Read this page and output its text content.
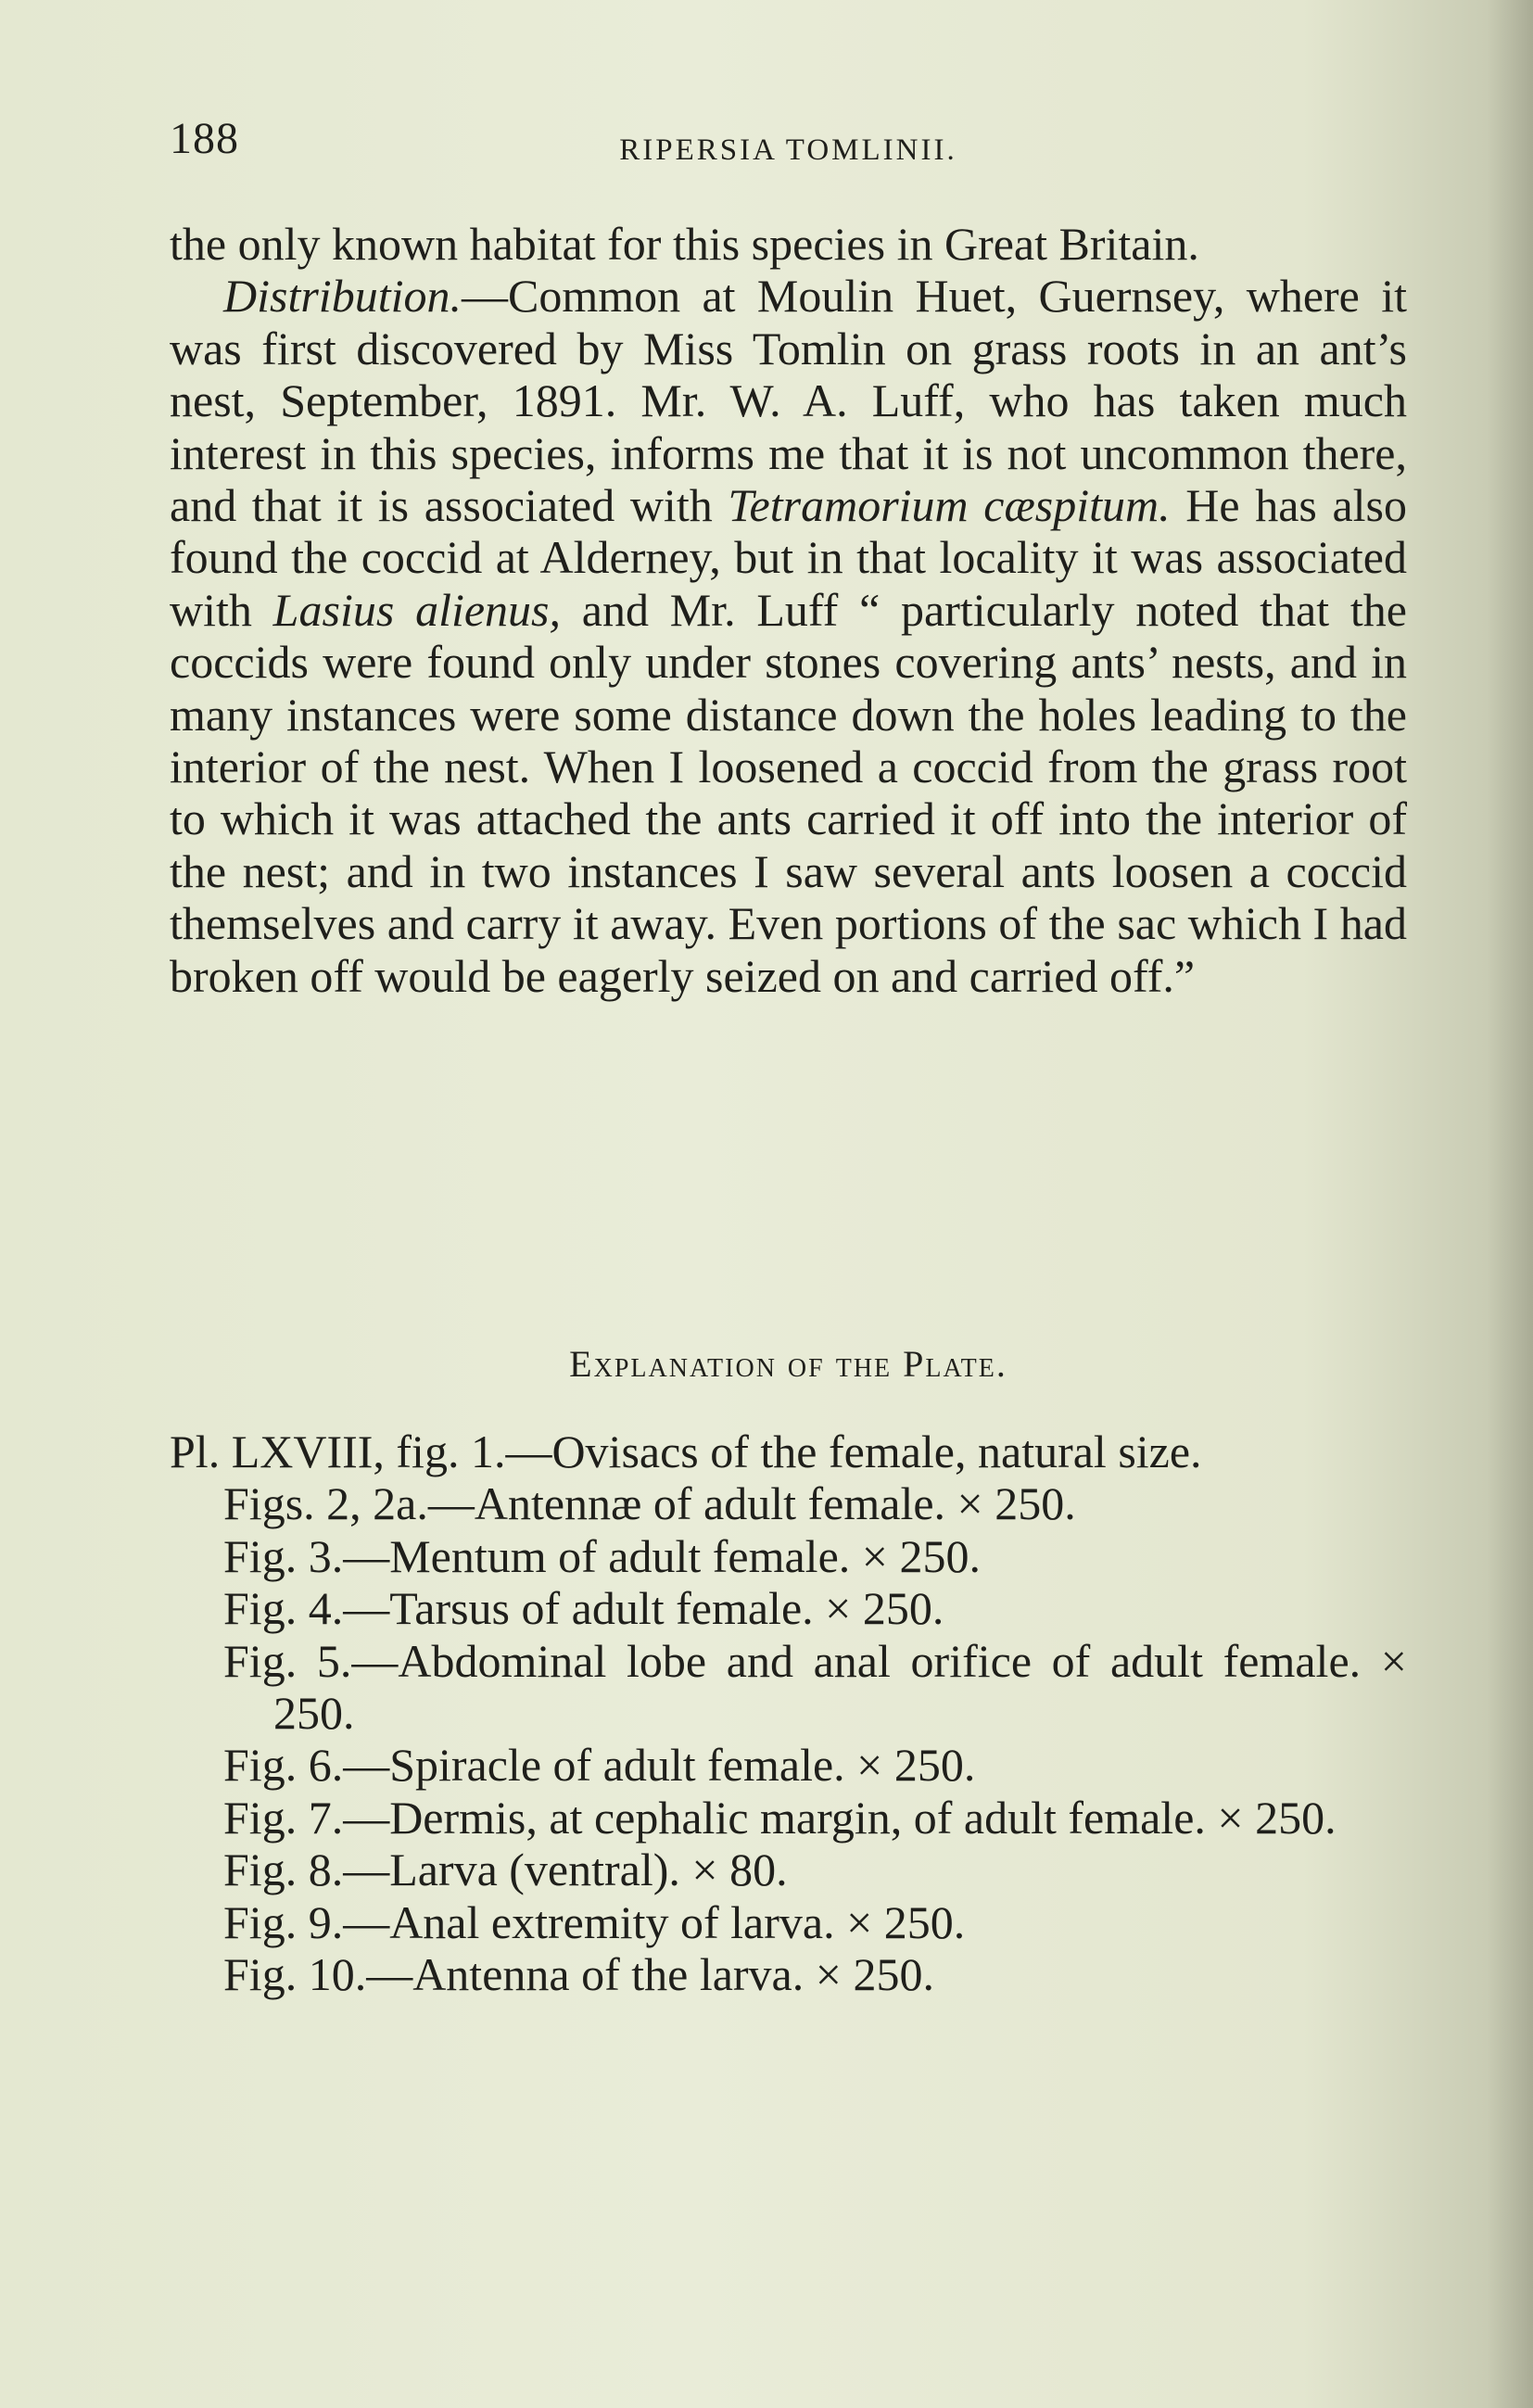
188	RIPERSIA TOMLINII.

the only known habitat for this species in Great Britain.

Distribution.—Common at Moulin Huet, Guernsey, where it was first discovered by Miss Tomlin on grass roots in an ant’s nest, September, 1891. Mr. W. A. Luff, who has taken much interest in this species, informs me that it is not uncommon there, and that it is associated with Tetramorium cæspitum. He has also found the coccid at Alderney, but in that locality it was associated with Lasius alienus, and Mr. Luff “ particularly noted that the coccids were found only under stones covering ants’ nests, and in many instances were some distance down the holes leading to the interior of the nest. When I loosened a coccid from the grass root to which it was attached the ants carried it off into the interior of the nest; and in two instances I saw several ants loosen a coccid themselves and carry it away. Even portions of the sac which I had broken off would be eagerly seized on and carried off.”

Explanation of the Plate.

Pl. LXVIII, fig. 1.—Ovisacs of the female, natural size.

Figs. 2, 2a.—Antennæ of adult female. × 250.

Fig. 3.—Mentum of adult female. × 250.

Fig. 4.—Tarsus of adult female. × 250.

Fig. 5.—Abdominal lobe and anal orifice of adult female. × 250.

Fig. 6.—Spiracle of adult female. × 250.

Fig. 7.—Dermis, at cephalic margin, of adult female. × 250.

Fig. 8.—Larva (ventral). × 80.

Fig. 9.—Anal extremity of larva. × 250.

Fig. 10.—Antenna of the larva. × 250.
